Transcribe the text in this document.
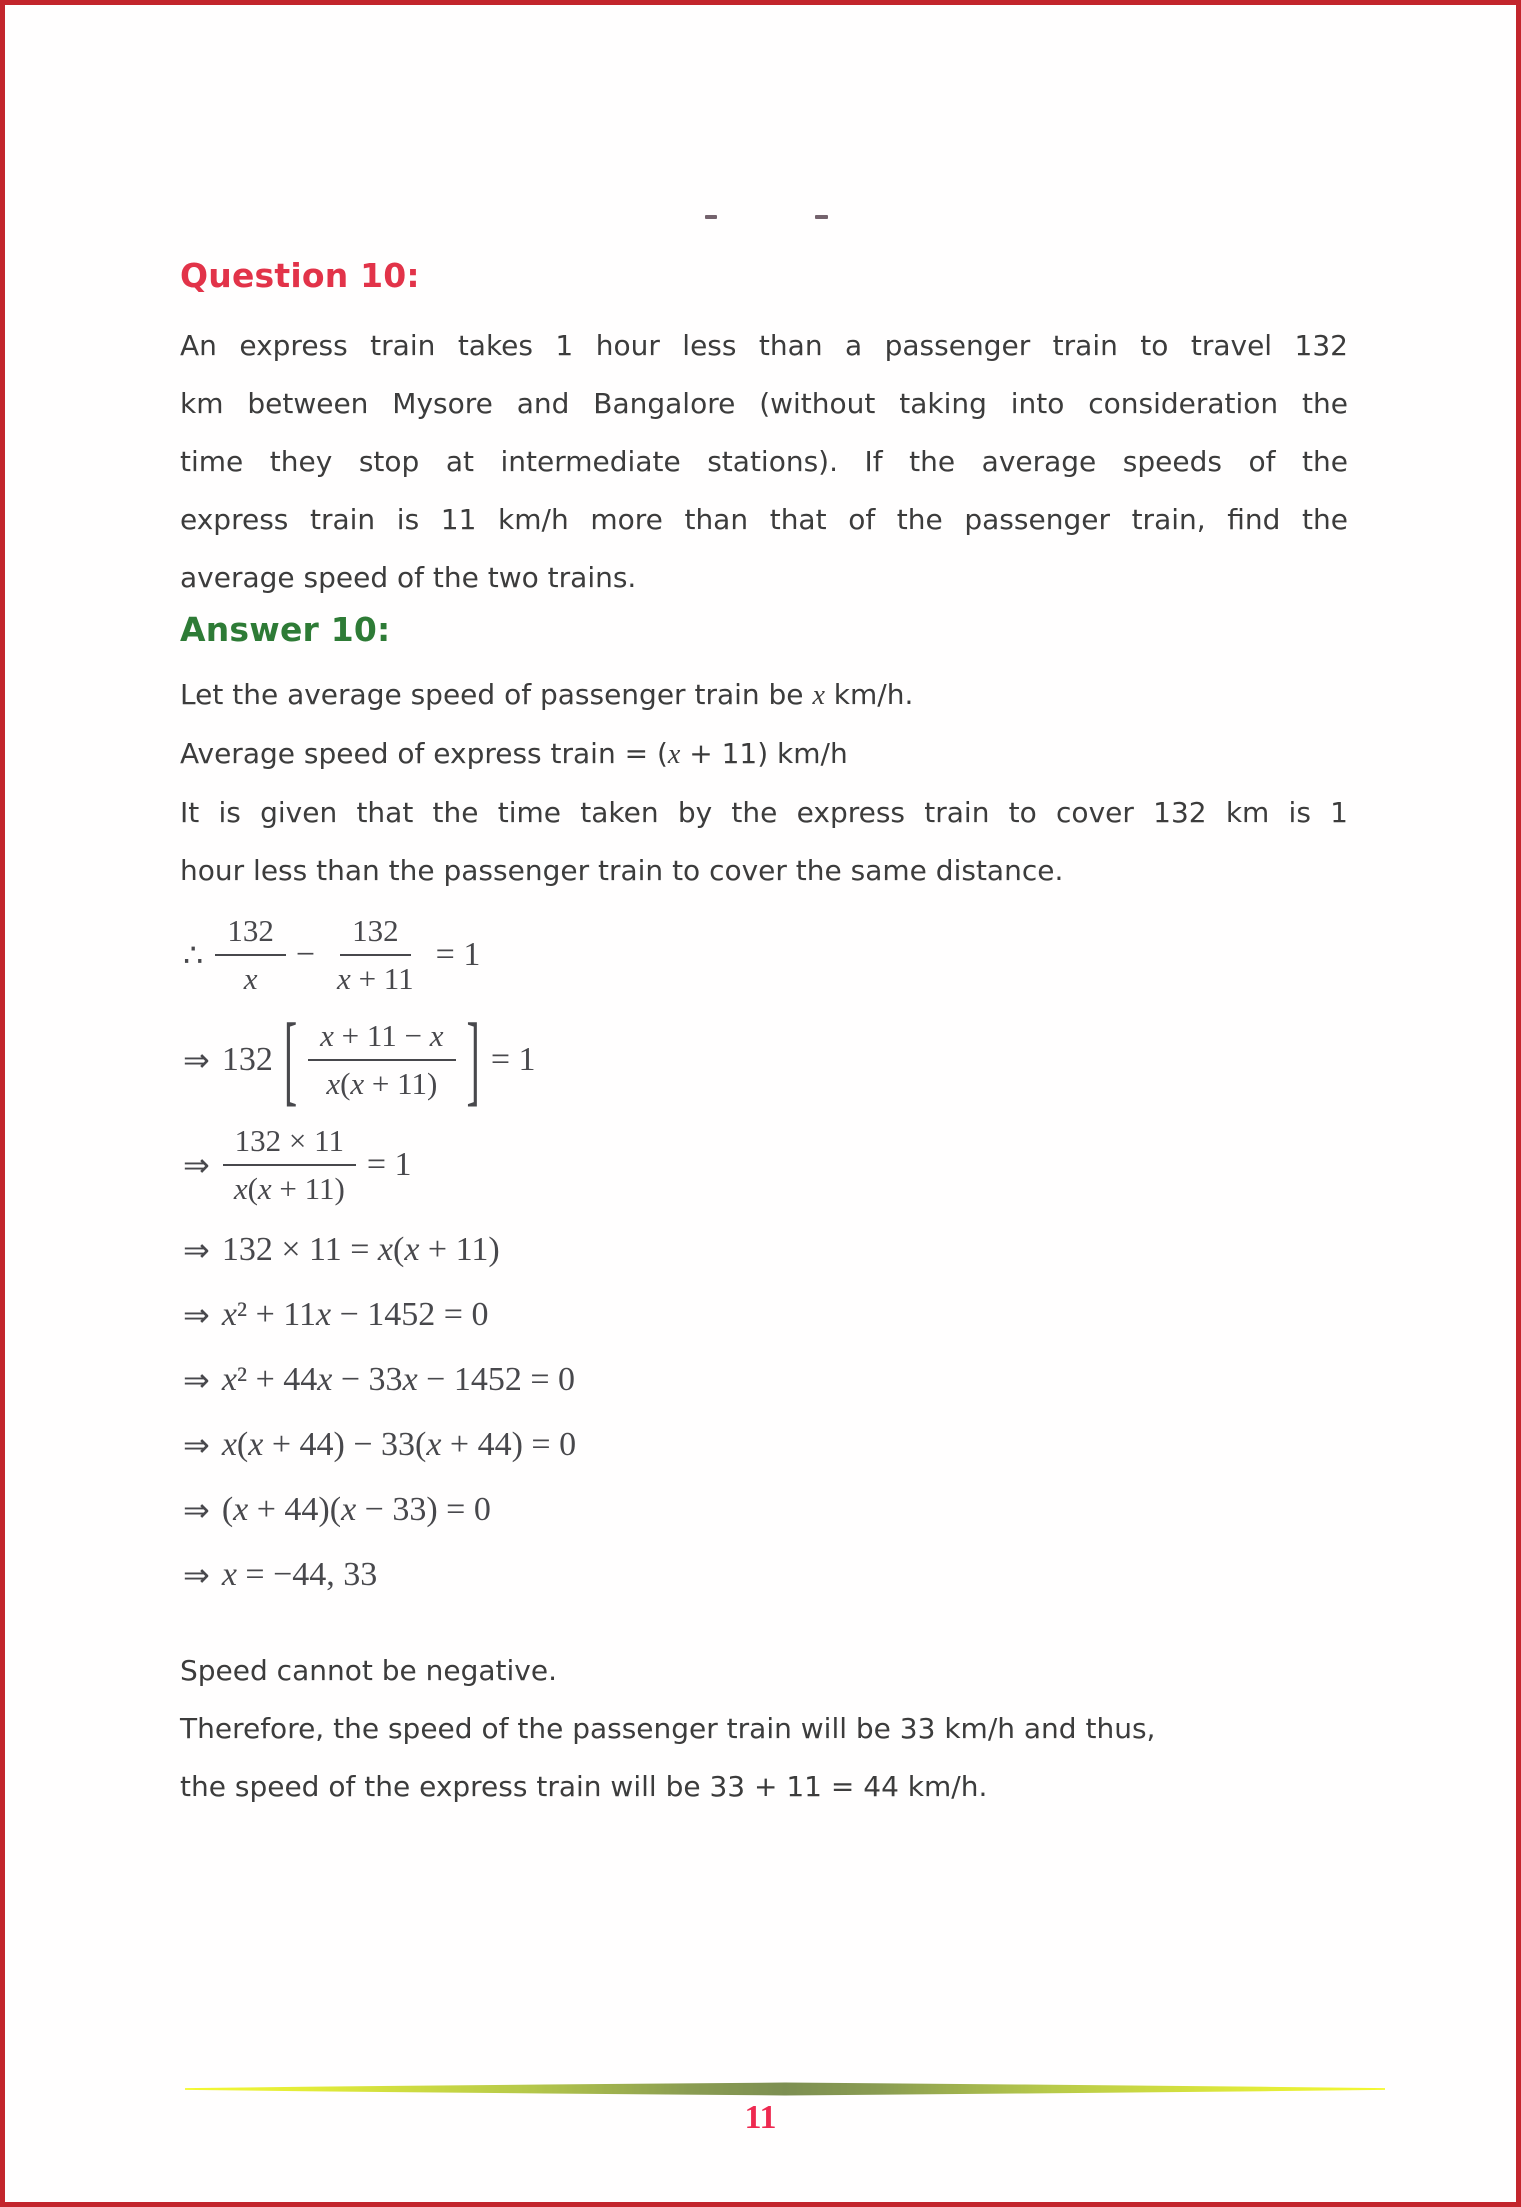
Question 10:
An express train takes 1 hour less than a passenger train to travel 132
km between Mysore and Bangalore (without taking into consideration the
time they stop at intermediate stations). If the average speeds of the
express train is 11 km/h more than that of the passenger train, find the
average speed of the two trains.
Answer 10:
Let the average speed of passenger train be x km/h.
Average speed of express train = (x + 11) km/h
It is given that the time taken by the express train to cover 132 km is 1
hour less than the passenger train to cover the same distance.
∴ $\frac{132}{x} - \frac{132}{x + 11} = 1$
⇒ 132 [ $\frac{x + 11 - x}{x(x + 11)}$ ] = 1
⇒ $\frac{132 \times 11}{x(x + 11)} = 1$
⇒ 132 × 11 = x(x + 11)
⇒ x² + 11x − 1452 = 0
⇒ x² + 44x − 33x − 1452 = 0
⇒ x(x + 44) − 33(x + 44) = 0
⇒ (x + 44)(x − 33) = 0
⇒ x = −44, 33
Speed cannot be negative.
Therefore, the speed of the passenger train will be 33 km/h and thus,
the speed of the express train will be 33 + 11 = 44 km/h.
11
